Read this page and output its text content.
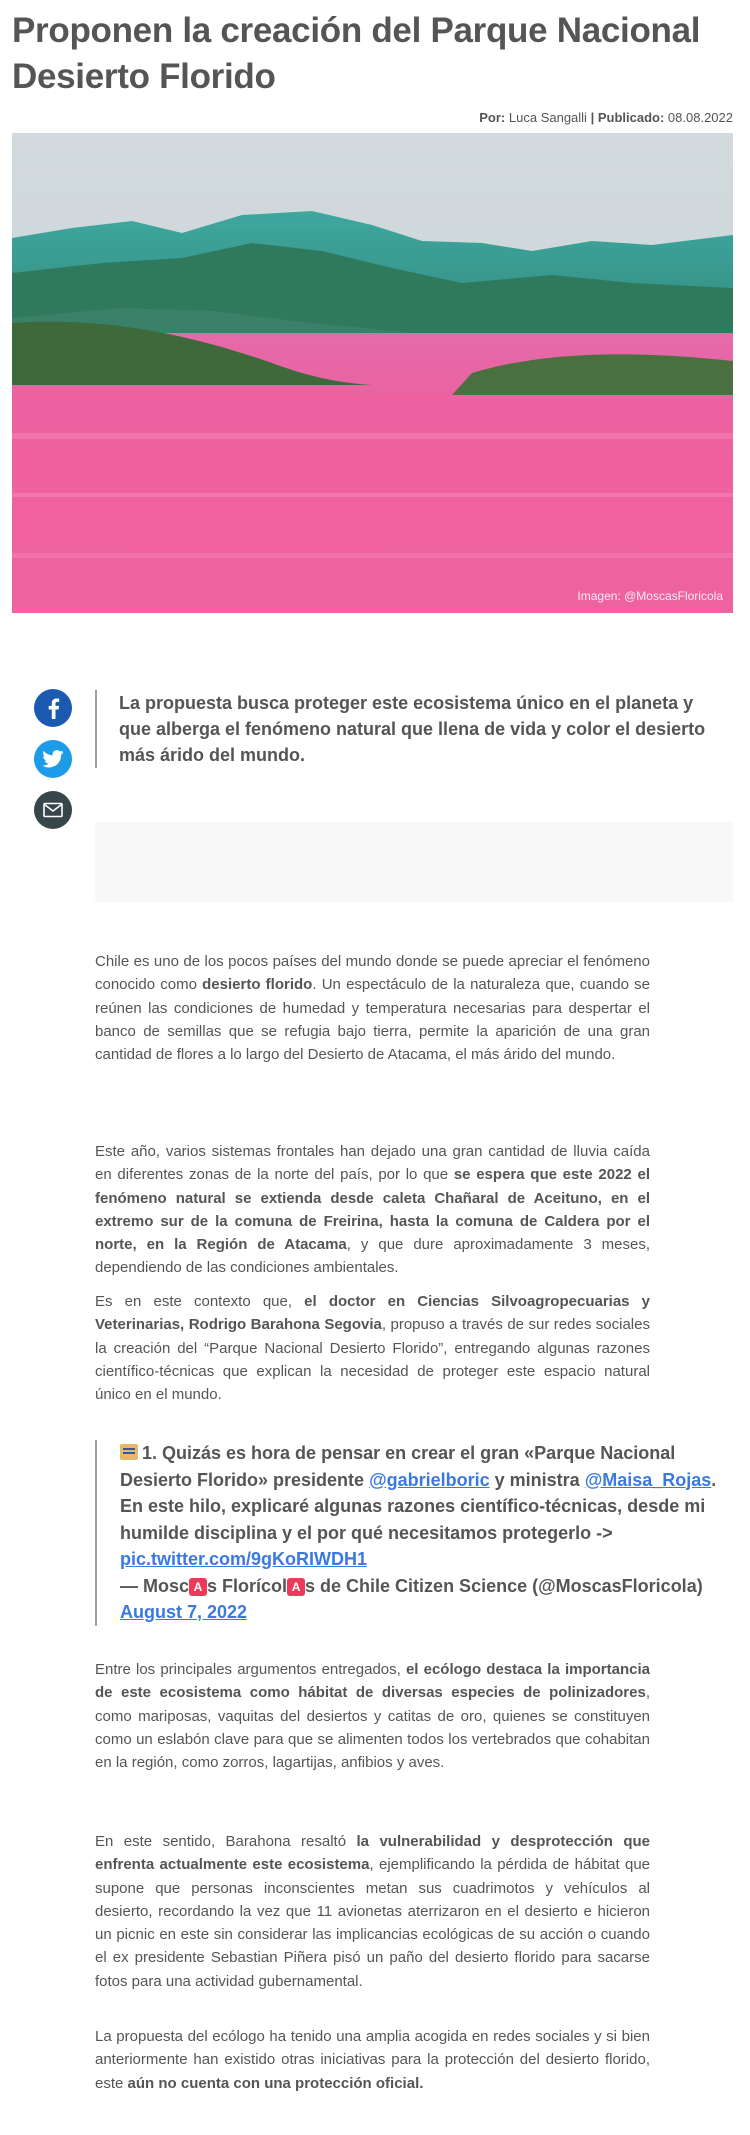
Proponen la creación del Parque Nacional Desierto Florido
Por: Luca Sangalli | Publicado: 08.08.2022
Imagen: @MoscasFloricola
La propuesta busca proteger este ecosistema único en el planeta y que alberga el fenómeno natural que llena de vida y color el desierto más árido del mundo.

Chile es uno de los pocos países del mundo donde se puede apreciar el fenómeno conocido como desierto florido. Un espectáculo de la naturaleza que, cuando se reúnen las condiciones de humedad y temperatura necesarias para despertar el banco de semillas que se refugia bajo tierra, permite la aparición de una gran cantidad de flores a lo largo del Desierto de Atacama, el más árido del mundo.

Este año, varios sistemas frontales han dejado una gran cantidad de lluvia caída en diferentes zonas de la norte del país, por lo que se espera que este 2022 el fenómeno natural se extienda desde caleta Chañaral de Aceituno, en el extremo sur de la comuna de Freirina, hasta la comuna de Caldera por el norte, en la Región de Atacama, y que dure aproximadamente 3 meses, dependiendo de las condiciones ambientales.

Es en este contexto que, el doctor en Ciencias Silvoagropecuarias y Veterinarias, Rodrigo Barahona Segovia, propuso a través de sur redes sociales la creación del “Parque Nacional Desierto Florido”, entregando algunas razones científico-técnicas que explican la necesidad de proteger este espacio natural único en el mundo.

1. Quizás es hora de pensar en crear el gran «Parque Nacional Desierto Florido» presidente @gabrielboric y ministra @Maisa_Rojas. En este hilo, explicaré algunas razones científico-técnicas, desde mi humilde disciplina y el por qué necesitamos protegerlo ->
pic.twitter.com/9gKoRIWDH1
— Mosc A s Florícol A s de Chile Citizen Science (@MoscasFloricola)
August 7, 2022

Entre los principales argumentos entregados, el ecólogo destaca la importancia de este ecosistema como hábitat de diversas especies de polinizadores, como mariposas, vaquitas del desiertos y catitas de oro, quienes se constituyen como un eslabón clave para que se alimenten todos los vertebrados que cohabitan en la región, como zorros, lagartijas, anfibios y aves.

En este sentido, Barahona resaltó la vulnerabilidad y desprotección que enfrenta actualmente este ecosistema, ejemplificando la pérdida de hábitat que supone que personas inconscientes metan sus cuadrimotos y vehículos al desierto, recordando la vez que 11 avionetas aterrizaron en el desierto e hicieron un picnic en este sin considerar las implicancias ecológicas de su acción o cuando el ex presidente Sebastian Piñera pisó un paño del desierto florido para sacarse fotos para una actividad gubernamental.

La propuesta del ecólogo ha tenido una amplia acogida en redes sociales y si bien anteriormente han existido otras iniciativas para la protección del desierto florido, este aún no cuenta con una protección oficial.
